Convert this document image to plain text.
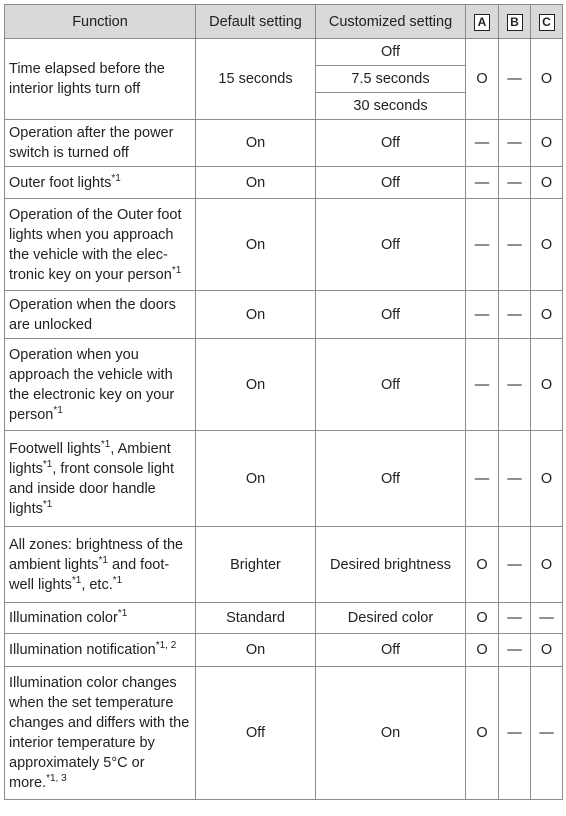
Function	Default setting	Customized setting	A	B	C
Time elapsed before the interior lights turn off	15 seconds	Off	O	—	O
		7.5 seconds			
		30 seconds			
Operation after the power switch is turned off	On	Off	—	—	O
Outer foot lights$^{*1}$	On	Off	—	—	O
Operation of the Outer foot lights when you approach the vehicle with the elec-tronic key on your person$^{*1}$	On	Off	—	—	O
Operation when the doors are unlocked	On	Off	—	—	O
Operation when you approach the vehicle with the electronic key on your person$^{*1}$	On	Off	—	—	O
Footwell lights$^{*1}$, Ambient lights$^{*1}$, front console light and inside door handle lights$^{*1}$	On	Off	—	—	O
All zones: brightness of the ambient lights$^{*1}$ and foot-well lights$^{*1}$, etc.$^{*1}$	Brighter	Desired brightness	O	—	O
Illumination color$^{*1}$	Standard	Desired color	O	—	—
Illumination notification$^{*1, 2}$	On	Off	O	—	O
Illumination color changes when the set temperature changes and differs with the interior temperature by approximately 5°C or more.$^{*1, 3}$	Off	On	O	—	—
